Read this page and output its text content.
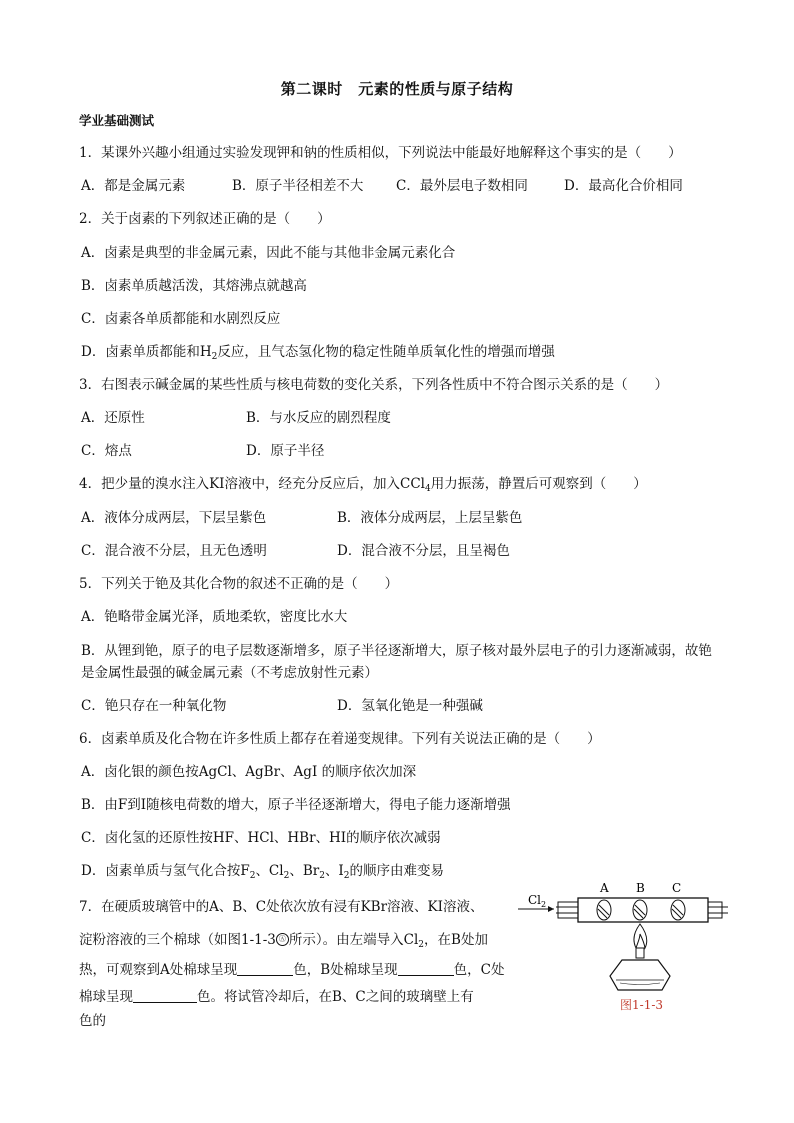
第二课时　元素的性质与原子结构
学业基础测试
1．某课外兴趣小组通过实验发现钾和钠的性质相似，下列说法中能最好地解释这个事实的是（　　）
A．都是金属元素	B．原子半径相差不大 C．最外层电子数相同	D．最高化合价相同
2．关于卤素的下列叙述正确的是（　　）
A．卤素是典型的非金属元素，因此不能与其他非金属元素化合
B．卤素单质越活泼，其熔沸点就越高
C．卤素各单质都能和水剧烈反应
D．卤素单质都能和$H_2$反应，且气态氢化物的稳定性随单质氧化性的增强而增强
3．右图表示碱金属的某些性质与核电荷数的变化关系，下列各性质中不符合图示关系的是（　　）
A．还原性	B．与水反应的剧烈程度
C．熔点	D．原子半径
4．把少量的溴水注入KI溶液中，经充分反应后，加入CCl$_4$用力振荡，静置后可观察到（　　）
A．液体分成两层，下层呈紫色	B．液体分成两层，上层呈紫色
C．混合液不分层，且无色透明	D．混合液不分层，且呈褐色
5．下列关于铯及其化合物的叙述不正确的是（　　）
A．铯略带金属光泽，质地柔软，密度比水大
B．从锂到铯，原子的电子层数逐渐增多，原子半径逐渐增大，原子核对最外层电子的引力逐渐减弱，故铯是金属性最强的碱金属元素（不考虑放射性元素）
C．铯只存在一种氧化物	D．氢氧化铯是一种强碱
6．卤素单质及化合物在许多性质上都存在着递变规律。下列有关说法正确的是（　　）
A．卤化银的颜色按AgCl、AgBr、AgI 的顺序依次加深
B．由F到I随核电荷数的增大，原子半径逐渐增大，得电子能力逐渐增强
C．卤化氢的还原性按HF、HCl、HBr、HI的顺序依次减弱
D．卤素单质与氢气化合按$F_2$、$Cl_2$、$Br_2$、$I_2$的顺序由难变易
7．在硬质玻璃管中的A、B、C处依次放有浸有KBr溶液、KI溶液、
淀粉溶液的三个棉球（如图1-1-3 Ⓐ 所示）。由左端导入$Cl_2$，在B处加
热，可观察到A处棉球呈现	色，B处棉球呈现	色，C处
棉球呈现	色。将试管冷却后，在B、C之间的玻璃壁上有
色的
$Cl_2$
A B C
图1-1-3
